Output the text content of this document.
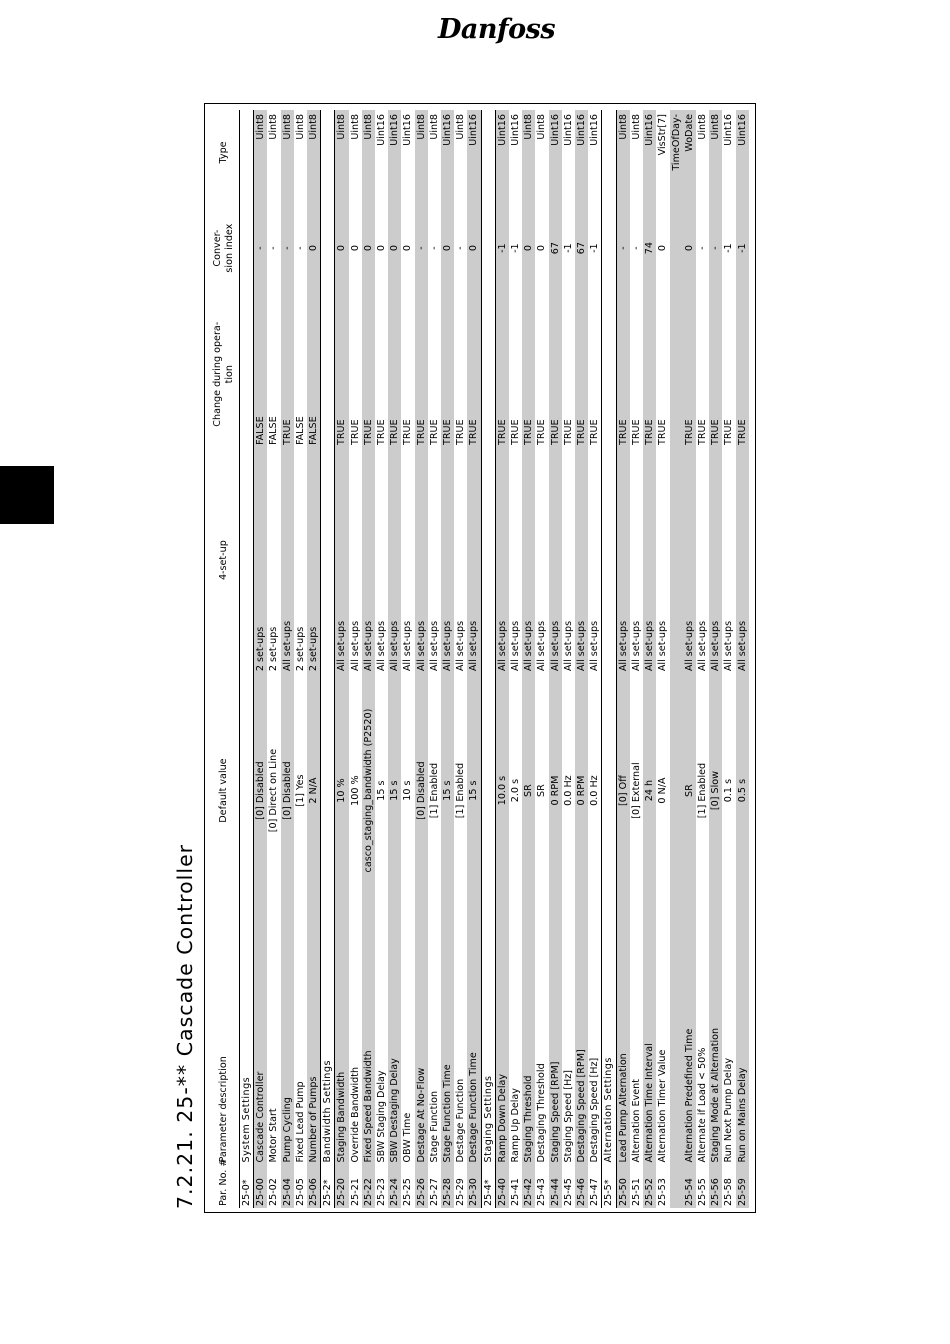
Danfoss
7.2.21. 25-** Cascade Controller	Par. No. #	Parameter description	Default value	4-set-up	Change during opera-
tion	Conver-
sion index	Type
25-0*	System Settings					
25-00	Cascade Controller	[0] Disabled	2 set-ups	FALSE	-	Uint8
25-02	Motor Start	[0] Direct on Line	2 set-ups	FALSE	-	Uint8
25-04	Pump Cycling	[0] Disabled	All set-ups	TRUE	-	Uint8
25-05	Fixed Lead Pump	[1] Yes	2 set-ups	FALSE	-	Uint8
25-06	Number of Pumps	2 N/A	2 set-ups	FALSE	0	Uint8
25-2*	Bandwidth Settings					
25-20	Staging Bandwidth	10 %	All set-ups	TRUE	0	Uint8
25-21	Override Bandwidth	100 %	All set-ups	TRUE	0	Uint8
25-22	Fixed Speed Bandwidth	casco_staging_bandwidth (P2520)	All set-ups	TRUE	0	Uint8
25-23	SBW Staging Delay	15 s	All set-ups	TRUE	0	Uint16
25-24	SBW Destaging Delay	15 s	All set-ups	TRUE	0	Uint16
25-25	OBW Time	10 s	All set-ups	TRUE	0	Uint16
25-26	Destage At No-Flow	[0] Disabled	All set-ups	TRUE	-	Uint8
25-27	Stage Function	[1] Enabled	All set-ups	TRUE	-	Uint8
25-28	Stage Function Time	15 s	All set-ups	TRUE	0	Uint16
25-29	Destage Function	[1] Enabled	All set-ups	TRUE	-	Uint8
25-30	Destage Function Time	15 s	All set-ups	TRUE	0	Uint16
25-4*	Staging Settings					
25-40	Ramp Down Delay	10.0 s	All set-ups	TRUE	-1	Uint16
25-41	Ramp Up Delay	2.0 s	All set-ups	TRUE	-1	Uint16
25-42	Staging Threshold	SR	All set-ups	TRUE	0	Uint8
25-43	Destaging Threshold	SR	All set-ups	TRUE	0	Uint8
25-44	Staging Speed [RPM]	0 RPM	All set-ups	TRUE	67	Uint16
25-45	Staging Speed [Hz]	0.0 Hz	All set-ups	TRUE	-1	Uint16
25-46	Destaging Speed [RPM]	0 RPM	All set-ups	TRUE	67	Uint16
25-47	Destaging Speed [Hz]	0.0 Hz	All set-ups	TRUE	-1	Uint16
25-5*	Alternation Settings					
25-50	Lead Pump Alternation	[0] Off	All set-ups	TRUE	-	Uint8
25-51	Alternation Event	[0] External	All set-ups	TRUE	-	Uint8
25-52	Alternation Time Interval	24 h	All set-ups	TRUE	74	Uint16
25-53	Alternation Timer Value	0 N/A	All set-ups	TRUE	0	VisStr[7]
25-54	Alternation Predefined Time	SR	All set-ups	TRUE	0	TimeOfDay- WoDate
25-55	Alternate if Load < 50%	[1] Enabled	All set-ups	TRUE	-	Uint8
25-56	Staging Mode at Alternation	[0] Slow	All set-ups	TRUE	-	Uint8
25-58	Run Next Pump Delay	0.1 s	All set-ups	TRUE	-1	Uint16
25-59	Run on Mains Delay	0.5 s	All set-ups	TRUE	-1	Uint16
